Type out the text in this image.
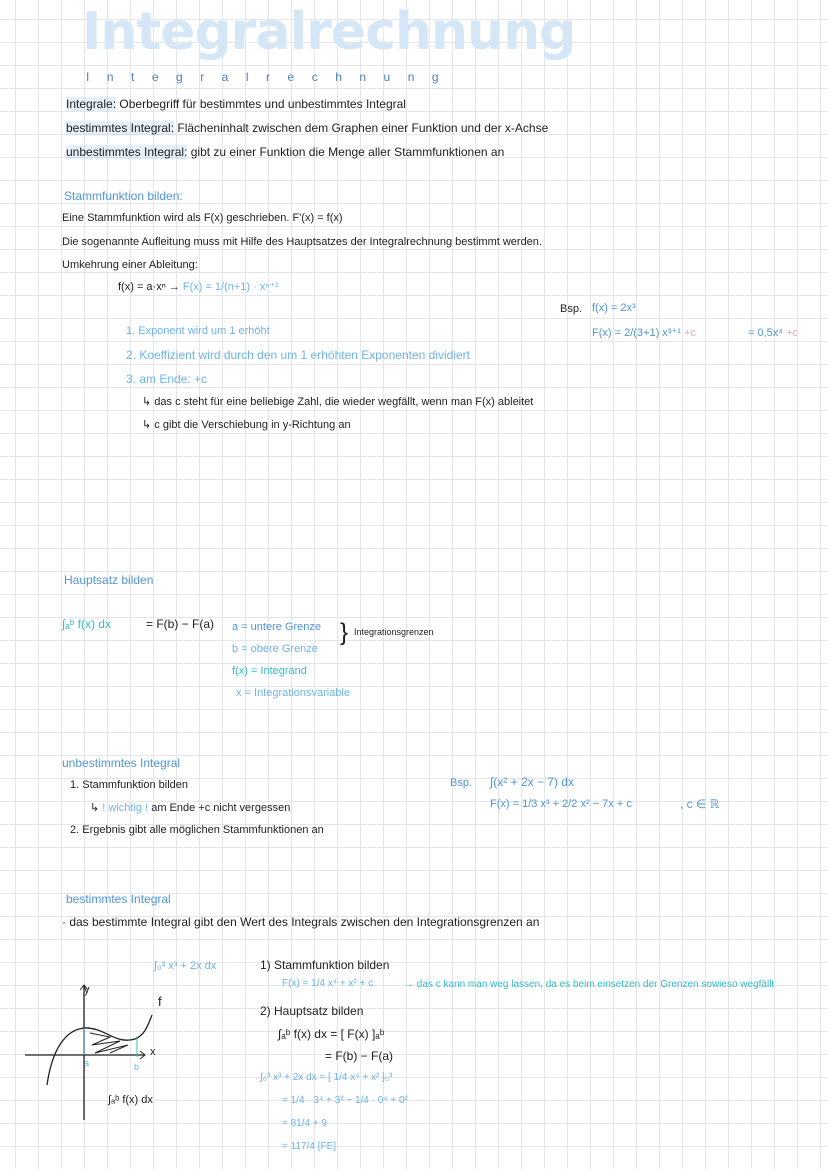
Integralrechnung
Integralrechnung
Integrale: Oberbegriff für bestimmtes und unbestimmtes Integral
bestimmtes Integral: Flächeninhalt zwischen dem Graphen einer Funktion und der x-Achse
unbestimmtes Integral: gibt zu einer Funktion die Menge aller Stammfunktionen an
Stammfunktion bilden:
Eine Stammfunktion wird als F(x) geschrieben. F'(x) = f(x)
Die sogenannte Aufleitung muss mit Hilfe des Hauptsatzes der Integralrechnung bestimmt werden.
Umkehrung einer Ableitung:
f(x) = a·xⁿ → F(x) = 1/(n+1) · xⁿ⁺¹
Bsp. f(x) = 2x³
F(x) = 2/(3+1) x³⁺¹ +c	= 0,5x⁴ +c
1. Exponent wird um 1 erhöht
2. Koeffizient wird durch den um 1 erhöhten Exponenten dividiert
3. am Ende: +c
↳ das c steht für eine beliebige Zahl, die wieder wegfällt, wenn man F(x) ableitet
↳ c gibt die Verschiebung in y-Richtung an
Hauptsatz bilden
∫ₐᵇ f(x) dx	= F(b) − F(a) a = untere Grenze
b = obere Grenze
f(x) = Integrand
x = Integrationsvariable
} Integrationsgrenzen
unbestimmtes Integral
1. Stammfunktion bilden
↳ ! wichtig ! am Ende +c nicht vergessen
2. Ergebnis gibt alle möglichen Stammfunktionen an
Bsp. ∫(x² + 2x − 7) dx
F(x) = 1/3 x³ + 2/2 x² − 7x + c	, c ∈ ℝ
bestimmtes Integral
· das bestimmte Integral gibt den Wert des Integrals zwischen den Integrationsgrenzen an
∫₀³ x³ + 2x dx
y
f
x
a	b
∫ₐᵇ f(x) dx
1) Stammfunktion bilden
F(x) = 1/4 x⁴ + x² + c	→ das c kann man weg lassen, da es beim einsetzen der Grenzen sowieso wegfällt
2) Hauptsatz bilden
∫ₐᵇ f(x) dx = [ F(x) ]ₐᵇ
= F(b) − F(a)
∫₀³ x³ + 2x dx = [ 1/4 x⁴ + x² ]₀³
= 1/4 · 3⁴ + 3² − 1/4 · 0⁴ + 0²
= 81/4 + 9
= 117/4 [FE]
